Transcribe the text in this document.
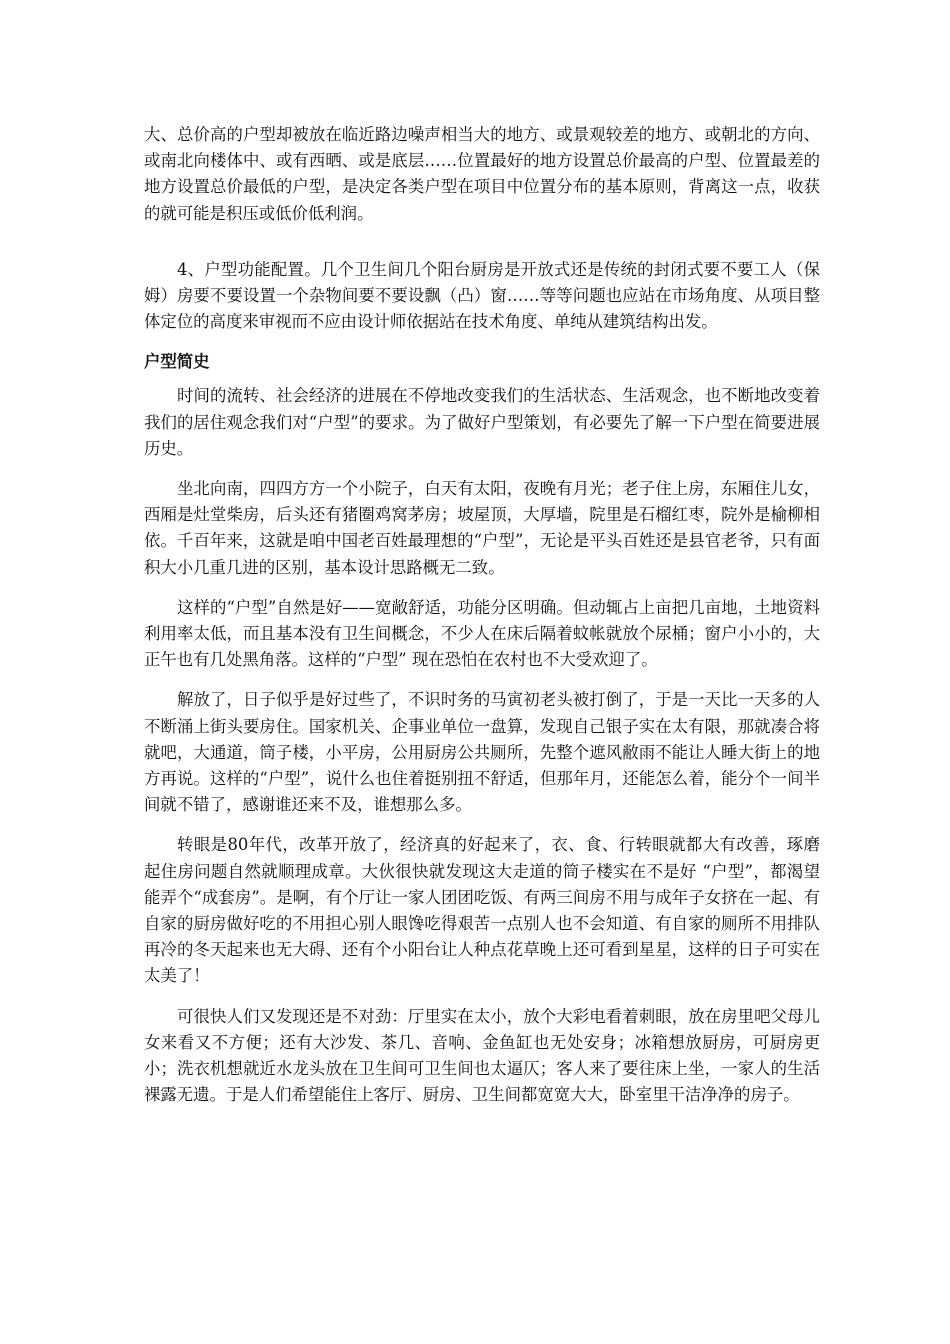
大、总价高的户型却被放在临近路边噪声相当大的地方、或景观较差的地方、或朝北的方向、或南北向楼体中、或有西晒、或是底层……位置最好的地方设置总价最高的户型、位置最差的地方设置总价最低的户型，是决定各类户型在项目中位置分布的基本原则，背离这一点，收获的就可能是积压或低价低利润。

4、户型功能配置。几个卫生间几个阳台厨房是开放式还是传统的封闭式要不要工人（保姆）房要不要设置一个杂物间要不要设飘（凸）窗……等等问题也应站在市场角度、从项目整体定位的高度来审视而不应由设计师依据站在技术角度、单纯从建筑结构出发。

户型简史

时间的流转、社会经济的进展在不停地改变我们的生活状态、生活观念，也不断地改变着我们的居住观念我们对“户型”的要求。为了做好户型策划，有必要先了解一下户型在简要进展历史。

坐北向南，四四方方一个小院子，白天有太阳，夜晚有月光；老子住上房，东厢住儿女，西厢是灶堂柴房，后头还有猪圈鸡窝茅房；坡屋顶，大厚墙，院里是石榴红枣，院外是榆柳相依。千百年来，这就是咱中国老百姓最理想的“户型”，无论是平头百姓还是县官老爷，只有面积大小几重几进的区别，基本设计思路概无二致。

这样的“户型”自然是好——宽敞舒适，功能分区明确。但动辄占上亩把几亩地，土地资料利用率太低，而且基本没有卫生间概念，不少人在床后隔着蚊帐就放个尿桶；窗户小小的，大正午也有几处黑角落。这样的“户型” 现在恐怕在农村也不大受欢迎了。

解放了，日子似乎是好过些了，不识时务的马寅初老头被打倒了，于是一天比一天多的人不断涌上街头要房住。国家机关、企事业单位一盘算，发现自己银子实在太有限，那就凑合将就吧，大通道，筒子楼，小平房，公用厨房公共厕所，先整个遮风敝雨不能让人睡大街上的地方再说。这样的“户型”，说什么也住着挺别扭不舒适，但那年月，还能怎么着，能分个一间半间就不错了，感谢谁还来不及，谁想那么多。

转眼是80年代，改革开放了，经济真的好起来了，衣、食、行转眼就都大有改善，琢磨起住房问题自然就顺理成章。大伙很快就发现这大走道的筒子楼实在不是好 “户型”，都渴望能弄个“成套房”。是啊，有个厅让一家人团团吃饭、有两三间房不用与成年子女挤在一起、有自家的厨房做好吃的不用担心别人眼馋吃得艰苦一点别人也不会知道、有自家的厕所不用排队再冷的冬天起来也无大碍、还有个小阳台让人种点花草晚上还可看到星星，这样的日子可实在太美了！

可很快人们又发现还是不对劲：厅里实在太小，放个大彩电看着刺眼，放在房里吧父母儿女来看又不方便；还有大沙发、茶几、音响、金鱼缸也无处安身；冰箱想放厨房，可厨房更小；洗衣机想就近水龙头放在卫生间可卫生间也太逼仄；客人来了要往床上坐，一家人的生活裸露无遗。于是人们希望能住上客厅、厨房、卫生间都宽宽大大，卧室里干洁净净的房子。
